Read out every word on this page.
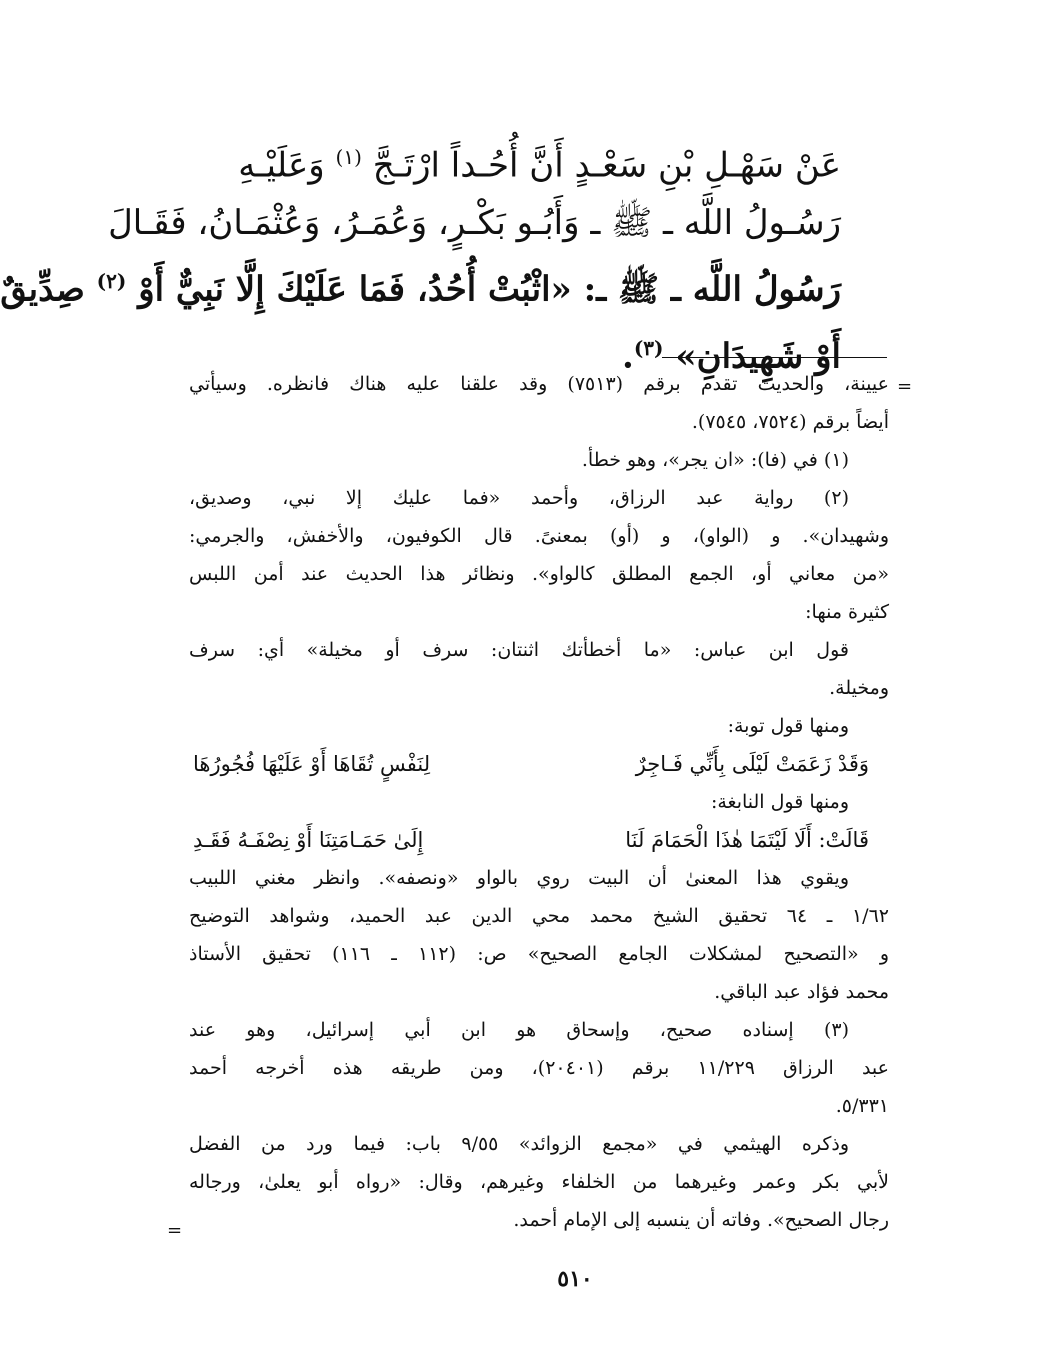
عَنْ سَهْـلِ بْنِ سَعْـدٍ أَنَّ أُحُـداً ارْتَـجَّ $^{(١)}$ وَعَلَيْـهِ
رَسُـولُ اللَّه ـ ﷺ ـ وَأَبُـو بَكْـرٍ، وَعُمَـرُ، وَعُثْمَـانُ، فَقَـالَ
رَسُولُ اللَّه ـ ﷺ ـ: «اثْبُتْ أُحُدُ، فَمَا عَلَيْكَ إِلَّا نَبِيٌّ أَوْ $^{(٢)}$ صِدِّيقٌ
أَوْ شَهِيدَانِ» $^{(٣)}$.
=
عيينة، والحديث تقدم برقم (٧٥١٣) وقد علقنا عليه هناك فانظره. وسيأتي
أيضاً برقم (٧٥٢٤، ٧٥٤٥).
(١) في (فا): «ان يجر»، وهو خطأ.
(٢) رواية عبد الرزاق، وأحمد «فما عليك إلا نبي، وصديق،
وشهيدان». و (الواو)، و (أو) بمعنىً. قال الكوفيون، والأخفش، والجرمي:
«من معاني أو، الجمع المطلق كالواو». ونظائر هذا الحديث عند أمن اللبس
كثيرة منها:
قول ابن عباس: «ما أخطأتك اثنتان: سرف أو مخيلة» أي: سرف
ومخيلة.
ومنها قول توبة:
وَقَدْ زَعَمَتْ لَيْلَى بِأَنِّي فَـاجِرٌ
لِنَفْسٍ تُقَاهَا أَوْ عَلَيْهَا فُجُورُهَا
ومنها قول النابغة:
قَالَتْ: أَلَا لَيْتَمَا هٰذَا الْحَمَامَ لَنَا
إِلَىٰ حَمَـامَتِنَا أَوْ نِصْفَـهُ فَقَـدِ
ويقوي هذا المعنىٰ أن البيت روي بالواو «ونصفه». وانظر مغني اللبيب
١/٦٢ ـ ٦٤ تحقيق الشيخ محمد محي الدين عبد الحميد، وشواهد التوضيح
و «التصحيح لمشكلات الجامع الصحيح» ص: (١١٢ ـ ١١٦) تحقيق الأستاذ
محمد فؤاد عبد الباقي.
(٣) إسناده صحيح، وإسحاق هو ابن أبي إسرائيل، وهو عند
عبد الرزاق ١١/٢٢٩ برقم (٢٠٤٠١)، ومن طريقه هذه أخرجه أحمد
٥/٣٣١.
وذكره الهيثمي في «مجمع الزوائد» ٩/٥٥ باب: فيما ورد من الفضل
لأبي بكر وعمر وغيرهما من الخلفاء وغيرهم، وقال: «رواه أبو يعلىٰ، ورجاله
رجال الصحيح». وفاته أن ينسبه إلى الإمام أحمد.
=
٥١٠
